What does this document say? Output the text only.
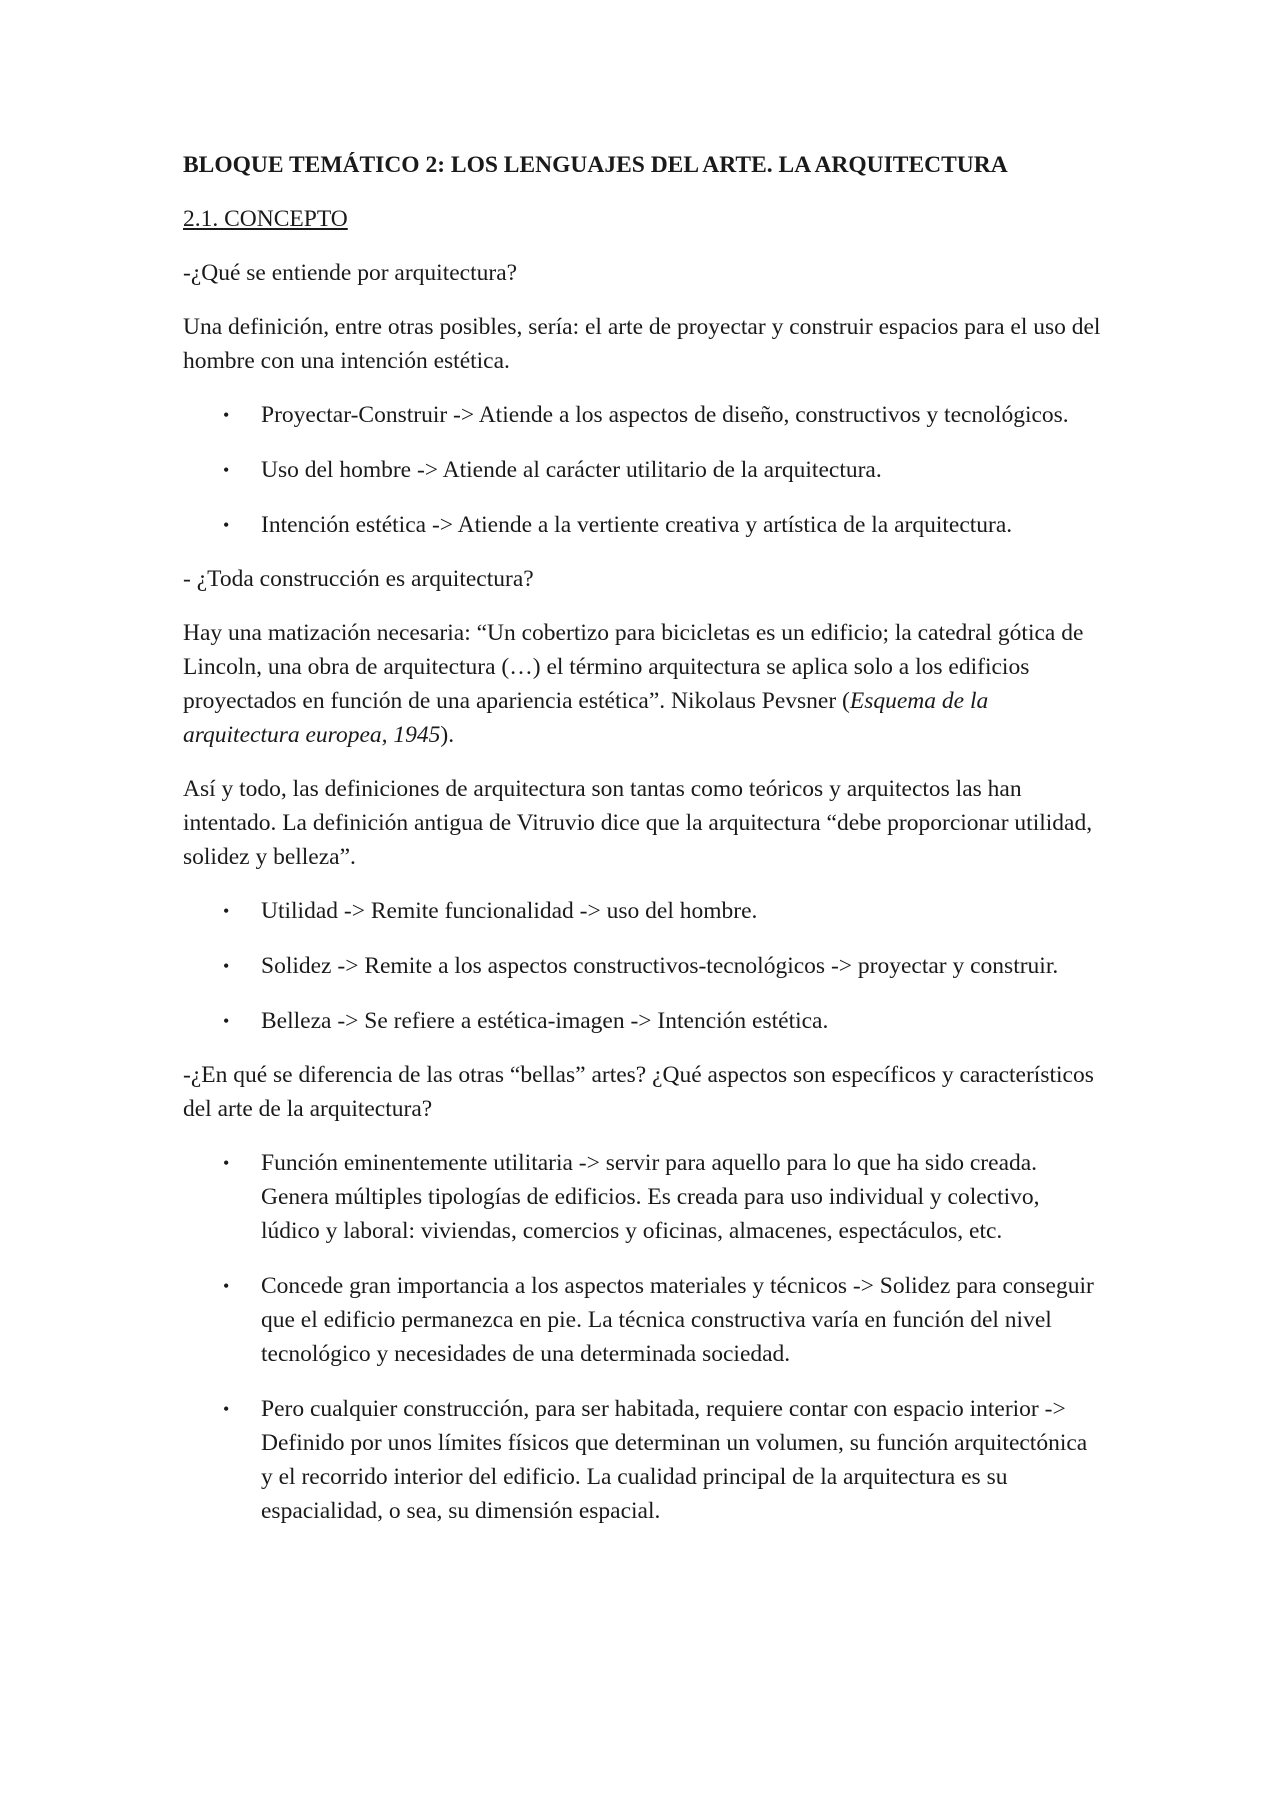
BLOQUE TEMÁTICO 2: LOS LENGUAJES DEL ARTE. LA ARQUITECTURA
2.1. CONCEPTO

-¿Qué se entiende por arquitectura?

Una definición, entre otras posibles, sería: el arte de proyectar y construir espacios para el uso del hombre con una intención estética.

• Proyectar-Construir -> Atiende a los aspectos de diseño, constructivos y tecnológicos.
• Uso del hombre -> Atiende al carácter utilitario de la arquitectura.
• Intención estética -> Atiende a la vertiente creativa y artística de la arquitectura.

- ¿Toda construcción es arquitectura?

Hay una matización necesaria: “Un cobertizo para bicicletas es un edificio; la catedral gótica de Lincoln, una obra de arquitectura (…) el término arquitectura se aplica solo a los edificios proyectados en función de una apariencia estética”. Nikolaus Pevsner (Esquema de la arquitectura europea, 1945).

Así y todo, las definiciones de arquitectura son tantas como teóricos y arquitectos las han intentado. La definición antigua de Vitruvio dice que la arquitectura “debe proporcionar utilidad, solidez y belleza”.

• Utilidad -> Remite funcionalidad -> uso del hombre.
• Solidez -> Remite a los aspectos constructivos-tecnológicos -> proyectar y construir.
• Belleza -> Se refiere a estética-imagen -> Intención estética.

-¿En qué se diferencia de las otras “bellas” artes? ¿Qué aspectos son específicos y característicos del arte de la arquitectura?

• Función eminentemente utilitaria -> servir para aquello para lo que ha sido creada. Genera múltiples tipologías de edificios. Es creada para uso individual y colectivo, lúdico y laboral: viviendas, comercios y oficinas, almacenes, espectáculos, etc.
• Concede gran importancia a los aspectos materiales y técnicos -> Solidez para conseguir que el edificio permanezca en pie. La técnica constructiva varía en función del nivel tecnológico y necesidades de una determinada sociedad.
• Pero cualquier construcción, para ser habitada, requiere contar con espacio interior -> Definido por unos límites físicos que determinan un volumen, su función arquitectónica y el recorrido interior del edificio. La cualidad principal de la arquitectura es su espacialidad, o sea, su dimensión espacial.
